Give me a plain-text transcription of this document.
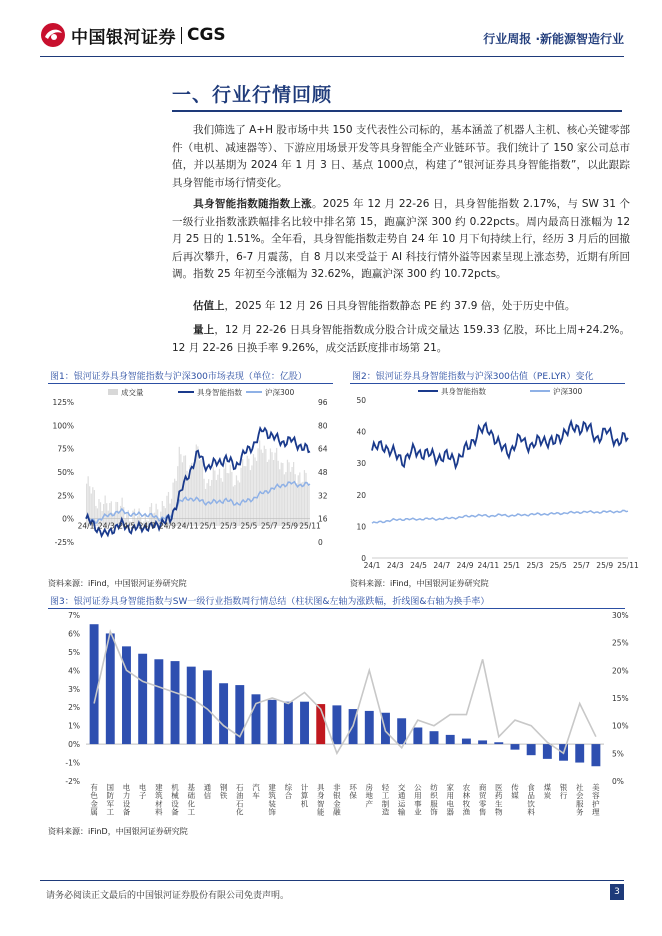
中国银河证券 CGS	行业周报 ·新能源智造行业
一、行业行情回顾
我们筛选了 A+H 股市场中共 150 支代表性公司标的，基本涵盖了机器人主机、核心关键零部件（电机、减速器等）、下游应用场景开发等具身智能全产业链环节。我们统计了 150 家公司总市值，并以基期为 2024 年 1 月 3 日、基点 1000点，构建了“银河证券具身智能指数”，以此跟踪具身智能市场行情变化。
具身智能指数随指数上涨。2025 年 12 月 22-26 日，具身智能指数 2.17%，与 SW 31 个一级行业指数涨跌幅排名比较中排名第 15，跑赢沪深 300 约 0.22pcts。周内最高日涨幅为 12 月 25 日的 1.51%。全年看，具身智能指数走势自 24 年 10 月下旬持续上行，经历 3 月后的回撤后再次攀升，6-7 月震荡，自 8 月以来受益于 AI 科技行情外溢等因素呈现上涨态势，近期有所回调。指数 25 年初至今涨幅为 32.62%，跑赢沪深 300 约 10.72pcts。
估值上，2025 年 12 月 26 日具身智能指数静态 PE 约 37.9 倍，处于历史中值。
量上，12 月 22-26 日具身智能指数成分股合计成交量达 159.33 亿股，环比上周+24.2%。12 月 22-26 日换手率 9.26%，成交活跃度排市场第 21。
图1：银河证券具身智能指数与沪深300市场表现（单位：亿股）
成交量	具身智能指数	沪深300
125%
100%
75%
50%
25%
0%
-25%
96
80
64
48
32
16
0
24/1 24/3 24/5 24/7 24/9 24/11 25/1 25/3 25/5 25/7 25/9 25/11
资料来源：iFind，中国银河证券研究院
图2：银河证券具身智能指数与沪深300估值（PE.LYR）变化
具身智能指数	沪深300
50
40
30
20
10
0
24/1 24/3 24/5 24/7 24/9 24/11 25/1 25/3 25/5 25/7 25/9 25/11
资料来源：iFind，中国银河证券研究院
图3：银河证券具身智能指数与SW一级行业指数周行情总结（柱状图&左轴为涨跌幅，折线图&右轴为换手率）
7%
6%
5%
4%
3%
2%
1%
0%
-1%
-2%
30%
25%
20%
15%
10%
5%
0%
有色金属
国防军工
电力设备
电子
建筑材料
机械设备
基础化工
通信
钢铁
石油石化
汽车
建筑装饰
综合
计算机
具身智能
非银金融
环保
房地产
轻工制造
交通运输
公用事业
纺织服饰
家用电器
农林牧渔
商贸零售
医药生物
传媒
食品饮料
煤炭
银行
社会服务
美容护理
资料来源：iFinD，中国银河证券研究院
请务必阅读正文最后的中国银河证券股份有限公司免责声明。	3
